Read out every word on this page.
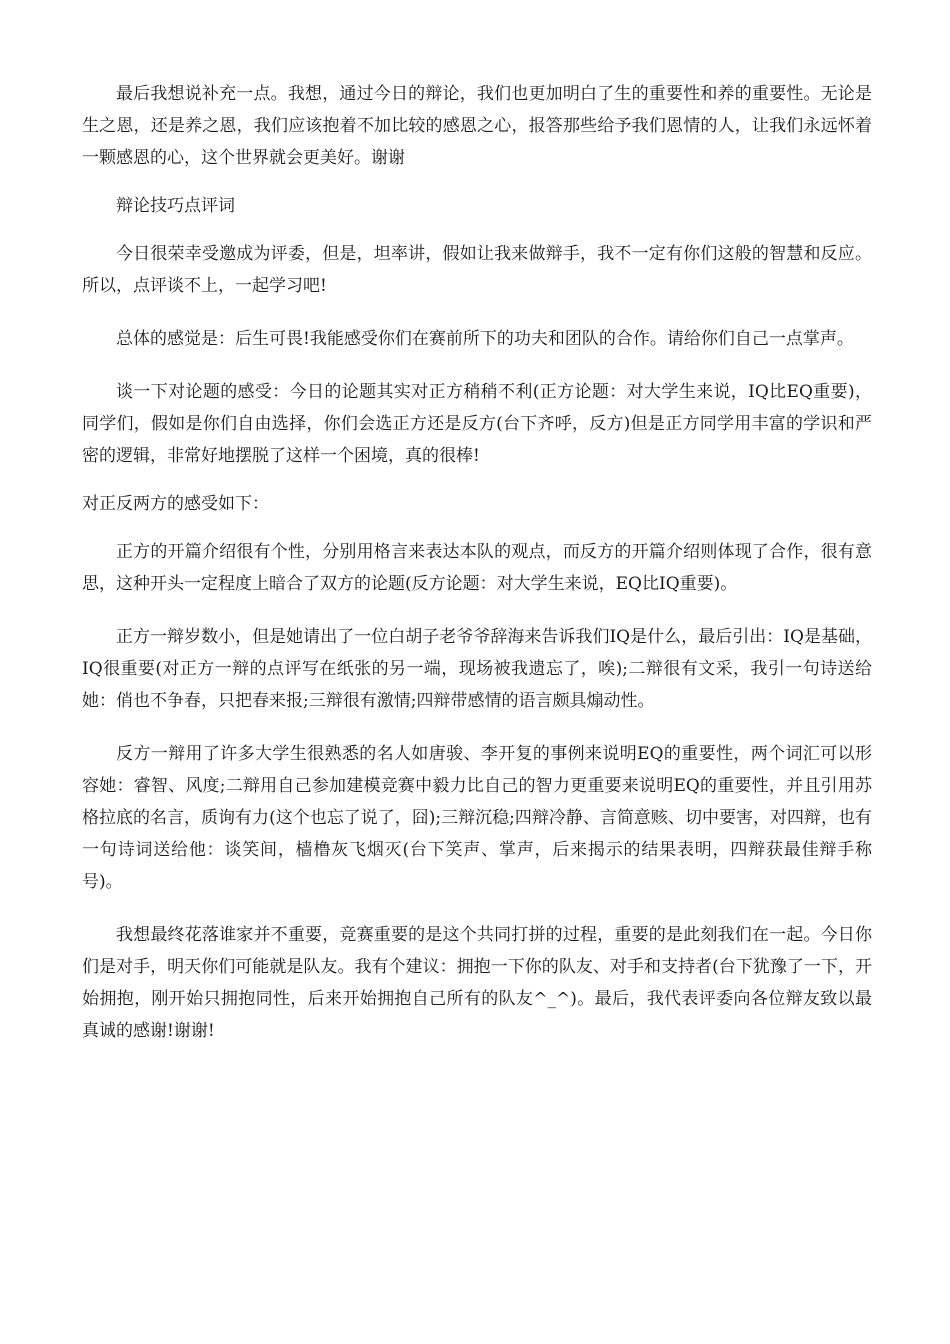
最后我想说补充一点。我想，通过今日的辩论，我们也更加明白了生的重要性和养的重要性。无论是生之恩，还是养之恩，我们应该抱着不加比较的感恩之心，报答那些给予我们恩情的人，让我们永远怀着一颗感恩的心，这个世界就会更美好。谢谢

辩论技巧点评词

今日很荣幸受邀成为评委，但是，坦率讲，假如让我来做辩手，我不一定有你们这般的智慧和反应。所以，点评谈不上，一起学习吧!

总体的感觉是：后生可畏!我能感受你们在赛前所下的功夫和团队的合作。请给你们自己一点掌声。

谈一下对论题的感受：今日的论题其实对正方稍稍不利(正方论题：对大学生来说，IQ比EQ重要)，同学们，假如是你们自由选择，你们会选正方还是反方(台下齐呼，反方)但是正方同学用丰富的学识和严密的逻辑，非常好地摆脱了这样一个困境，真的很棒!

对正反两方的感受如下：

正方的开篇介绍很有个性，分别用格言来表达本队的观点，而反方的开篇介绍则体现了合作，很有意思，这种开头一定程度上暗合了双方的论题(反方论题：对大学生来说，EQ比IQ重要)。

正方一辩岁数小，但是她请出了一位白胡子老爷爷辞海来告诉我们IQ是什么，最后引出：IQ是基础，IQ很重要(对正方一辩的点评写在纸张的另一端，现场被我遗忘了，唉);二辩很有文采，我引一句诗送给她：俏也不争春，只把春来报;三辩很有激情;四辩带感情的语言颇具煽动性。

反方一辩用了许多大学生很熟悉的名人如唐骏、李开复的事例来说明EQ的重要性，两个词汇可以形容她：睿智、风度;二辩用自己参加建模竞赛中毅力比自己的智力更重要来说明EQ的重要性，并且引用苏格拉底的名言，质询有力(这个也忘了说了，囧);三辩沉稳;四辩冷静、言简意赅、切中要害，对四辩，也有一句诗词送给他：谈笑间，樯橹灰飞烟灭(台下笑声、掌声，后来揭示的结果表明，四辩获最佳辩手称号)。

我想最终花落谁家并不重要，竞赛重要的是这个共同打拼的过程，重要的是此刻我们在一起。今日你们是对手，明天你们可能就是队友。我有个建议：拥抱一下你的队友、对手和支持者(台下犹豫了一下，开始拥抱，刚开始只拥抱同性，后来开始拥抱自己所有的队友^_^)。最后，我代表评委向各位辩友致以最真诚的感谢!谢谢!
